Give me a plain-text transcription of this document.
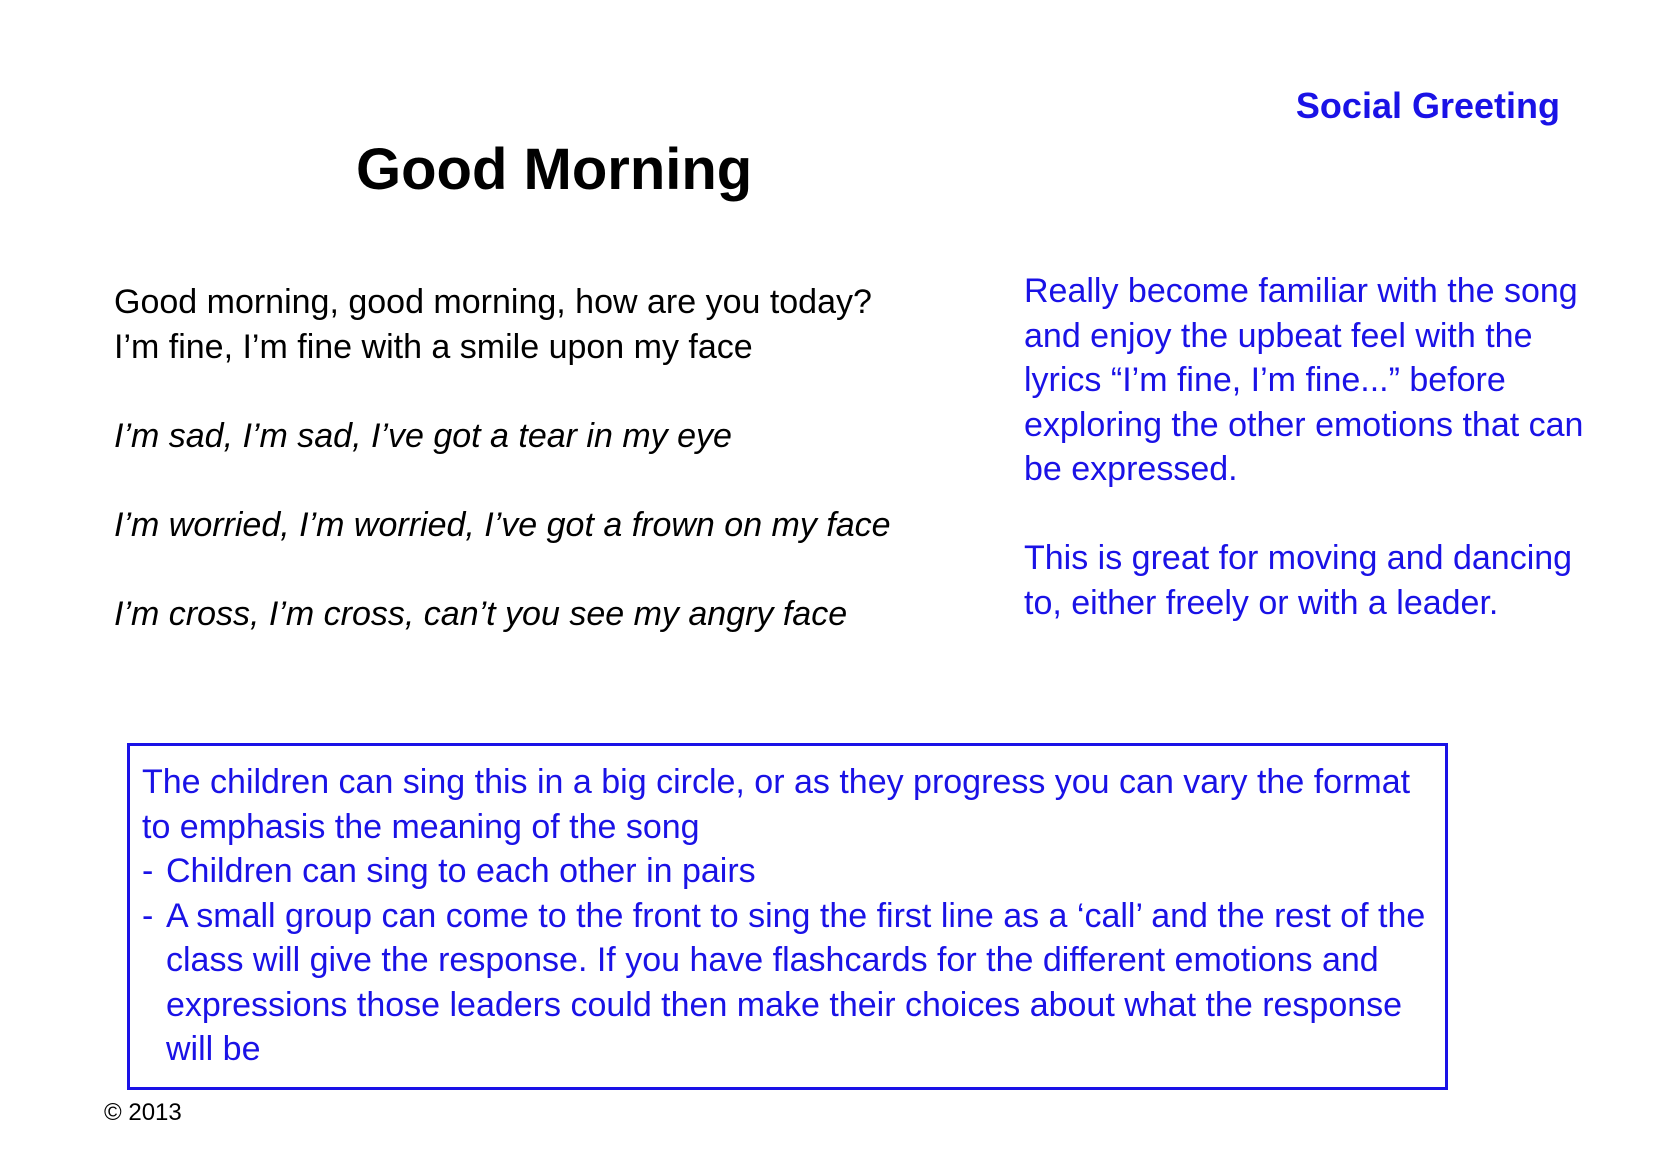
Social Greeting
Good Morning
Good morning, good morning, how are you today?
I’m fine, I’m fine with a smile upon my face
I’m sad, I’m sad, I’ve got a tear in my eye
I’m worried, I’m worried, I’ve got a frown on my face
I’m cross, I’m cross, can’t you see my angry face

Really become familiar with the song and enjoy the upbeat feel with the lyrics “I’m fine, I’m fine...” before exploring the other emotions that can be expressed.

This is great for moving and dancing to, either freely or with a leader.

The children can sing this in a big circle, or as they progress you can vary the format to emphasis the meaning of the song

- Children can sing to each other in pairs
- A small group can come to the front to sing the first line as a ‘call’ and the rest of the class will give the response. If you have flashcards for the different emotions and expressions those leaders could then make their choices about what the response will be
© 2013
